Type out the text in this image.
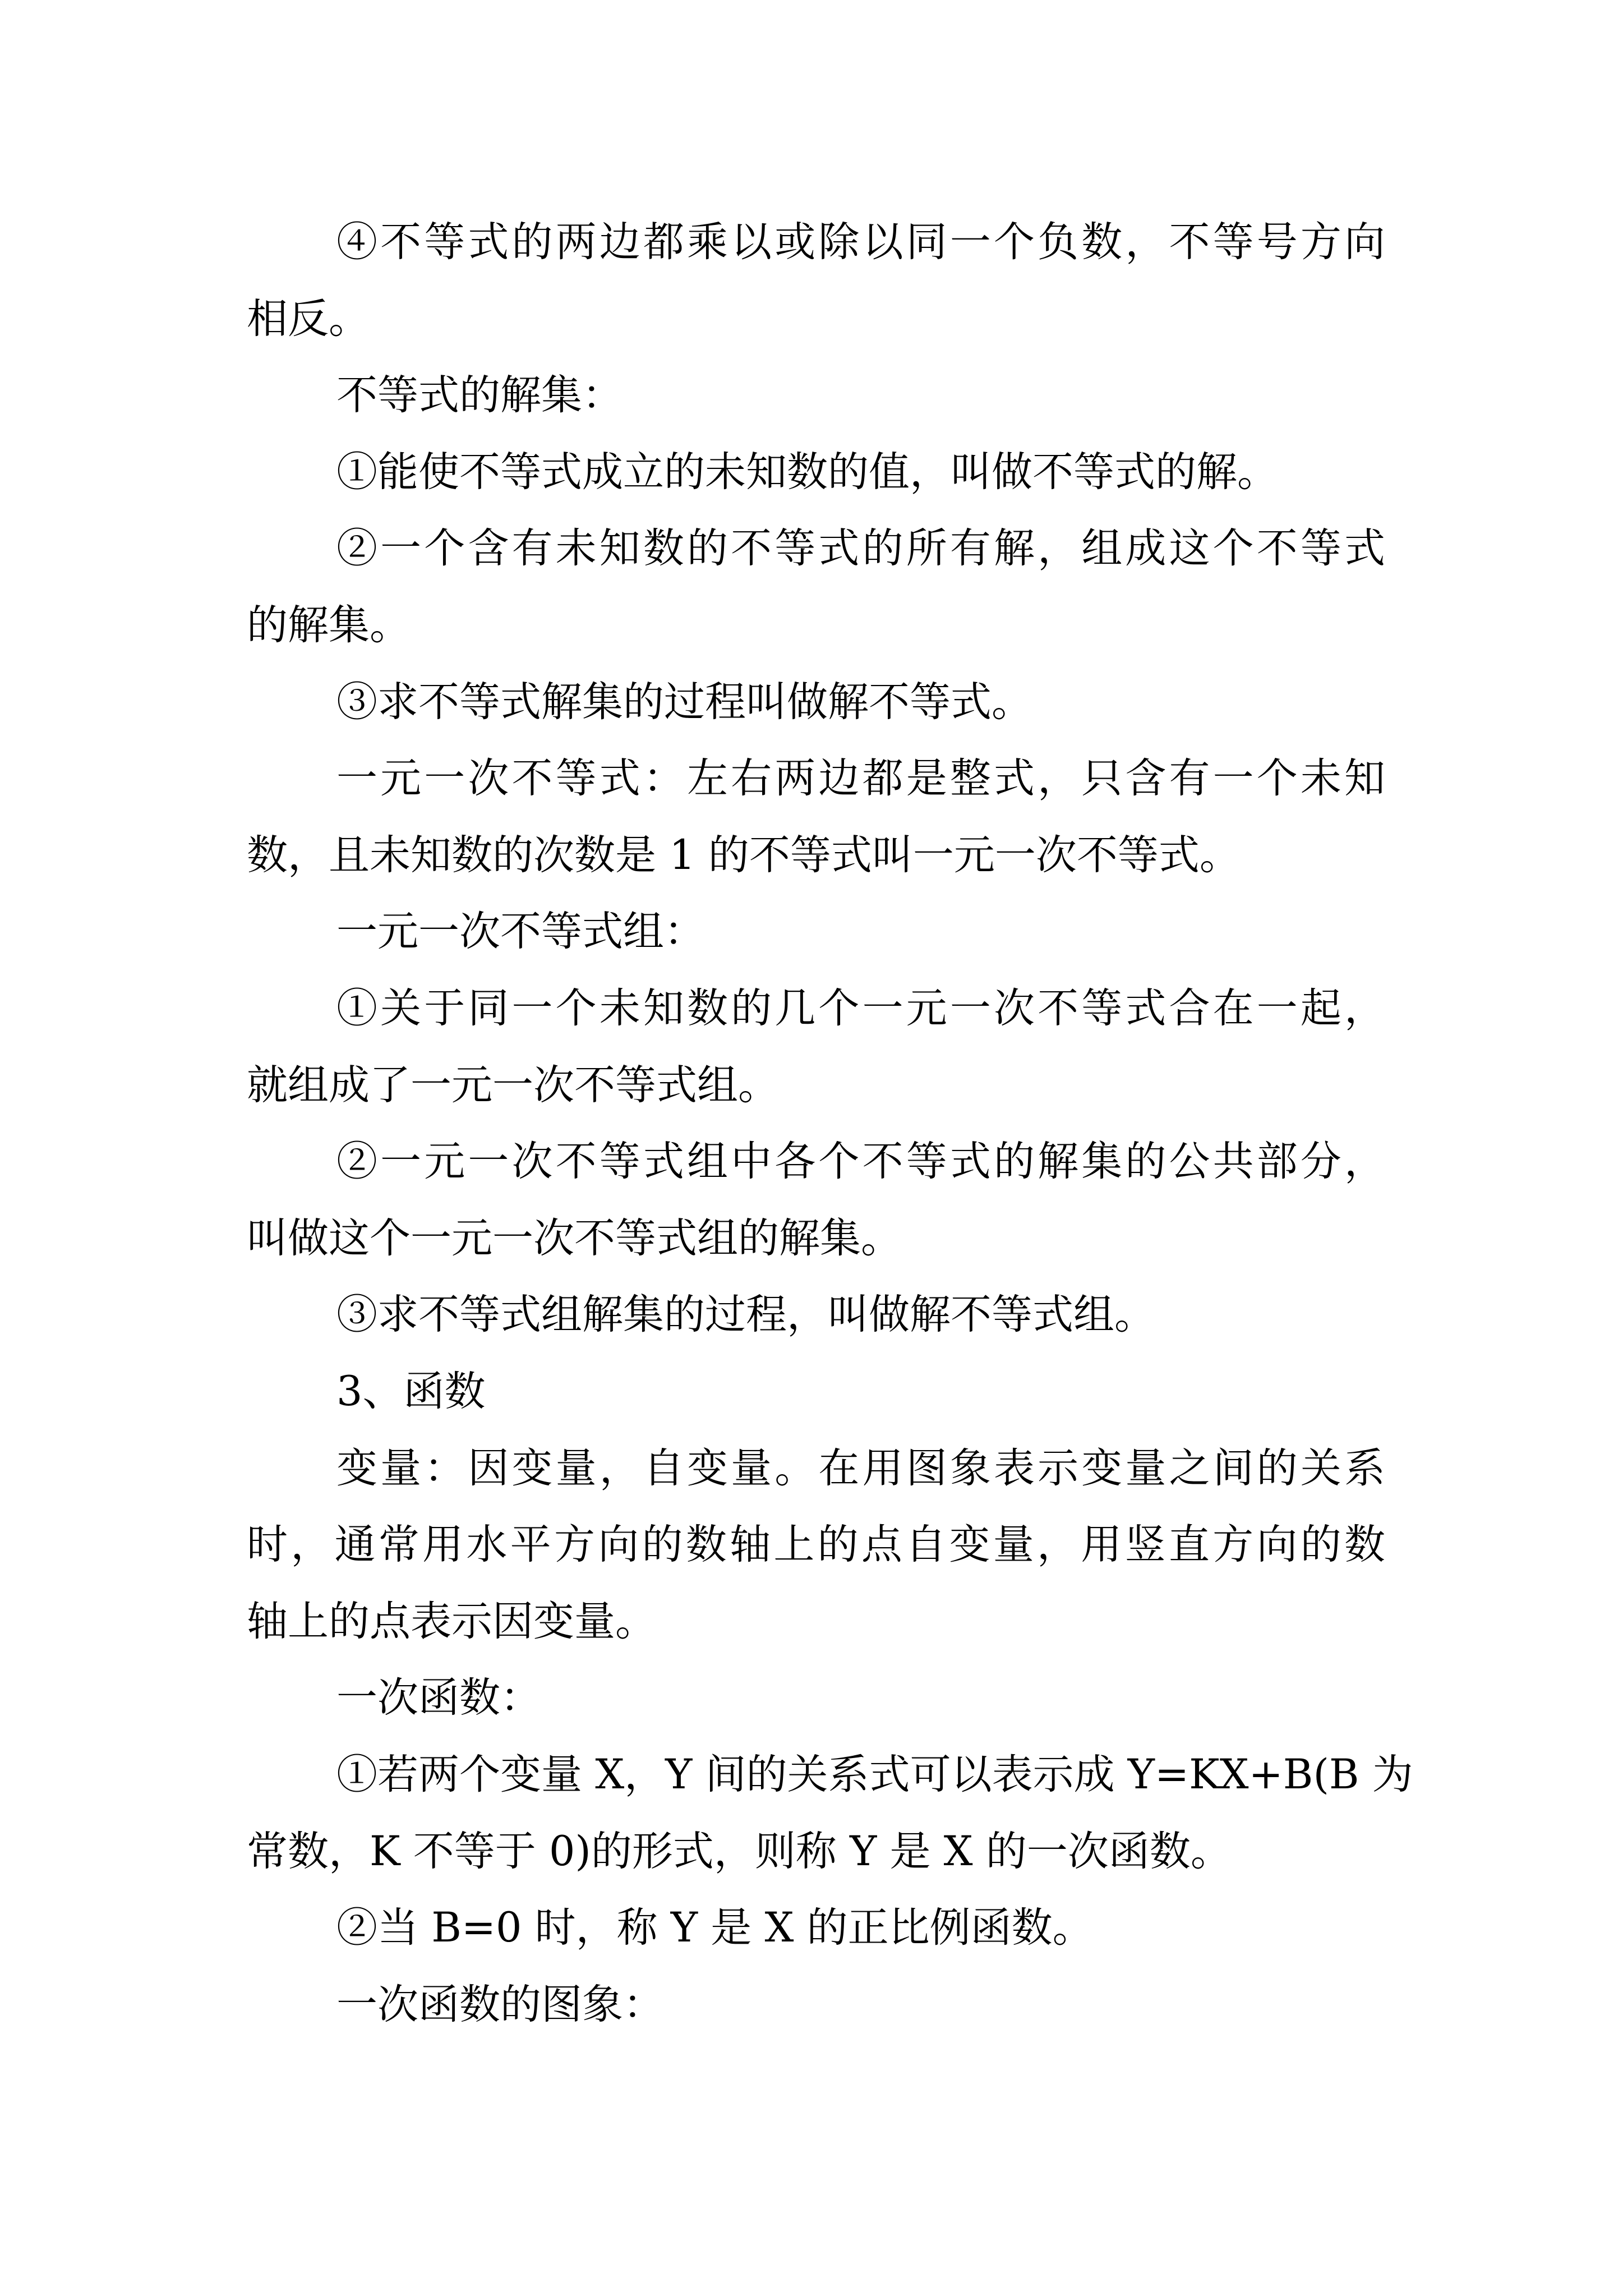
④不等式的两边都乘以或除以同一个负数，不等号方向
相反。
不等式的解集：
①能使不等式成立的未知数的值，叫做不等式的解。
②一个含有未知数的不等式的所有解，组成这个不等式
的解集。
③求不等式解集的过程叫做解不等式。
一元一次不等式：左右两边都是整式，只含有一个未知
数，且未知数的次数是 1 的不等式叫一元一次不等式。
一元一次不等式组：
①关于同一个未知数的几个一元一次不等式合在一起，
就组成了一元一次不等式组。
②一元一次不等式组中各个不等式的解集的公共部分，
叫做这个一元一次不等式组的解集。
③求不等式组解集的过程，叫做解不等式组。
3、函数
变量：因变量，自变量。在用图象表示变量之间的关系
时，通常用水平方向的数轴上的点自变量，用竖直方向的数
轴上的点表示因变量。
一次函数：
①若两个变量 X，Y 间的关系式可以表示成 Y=KX+B(B 为
常数，K 不等于 0)的形式，则称 Y 是 X 的一次函数。
②当 B=0 时，称 Y 是 X 的正比例函数。
一次函数的图象：
